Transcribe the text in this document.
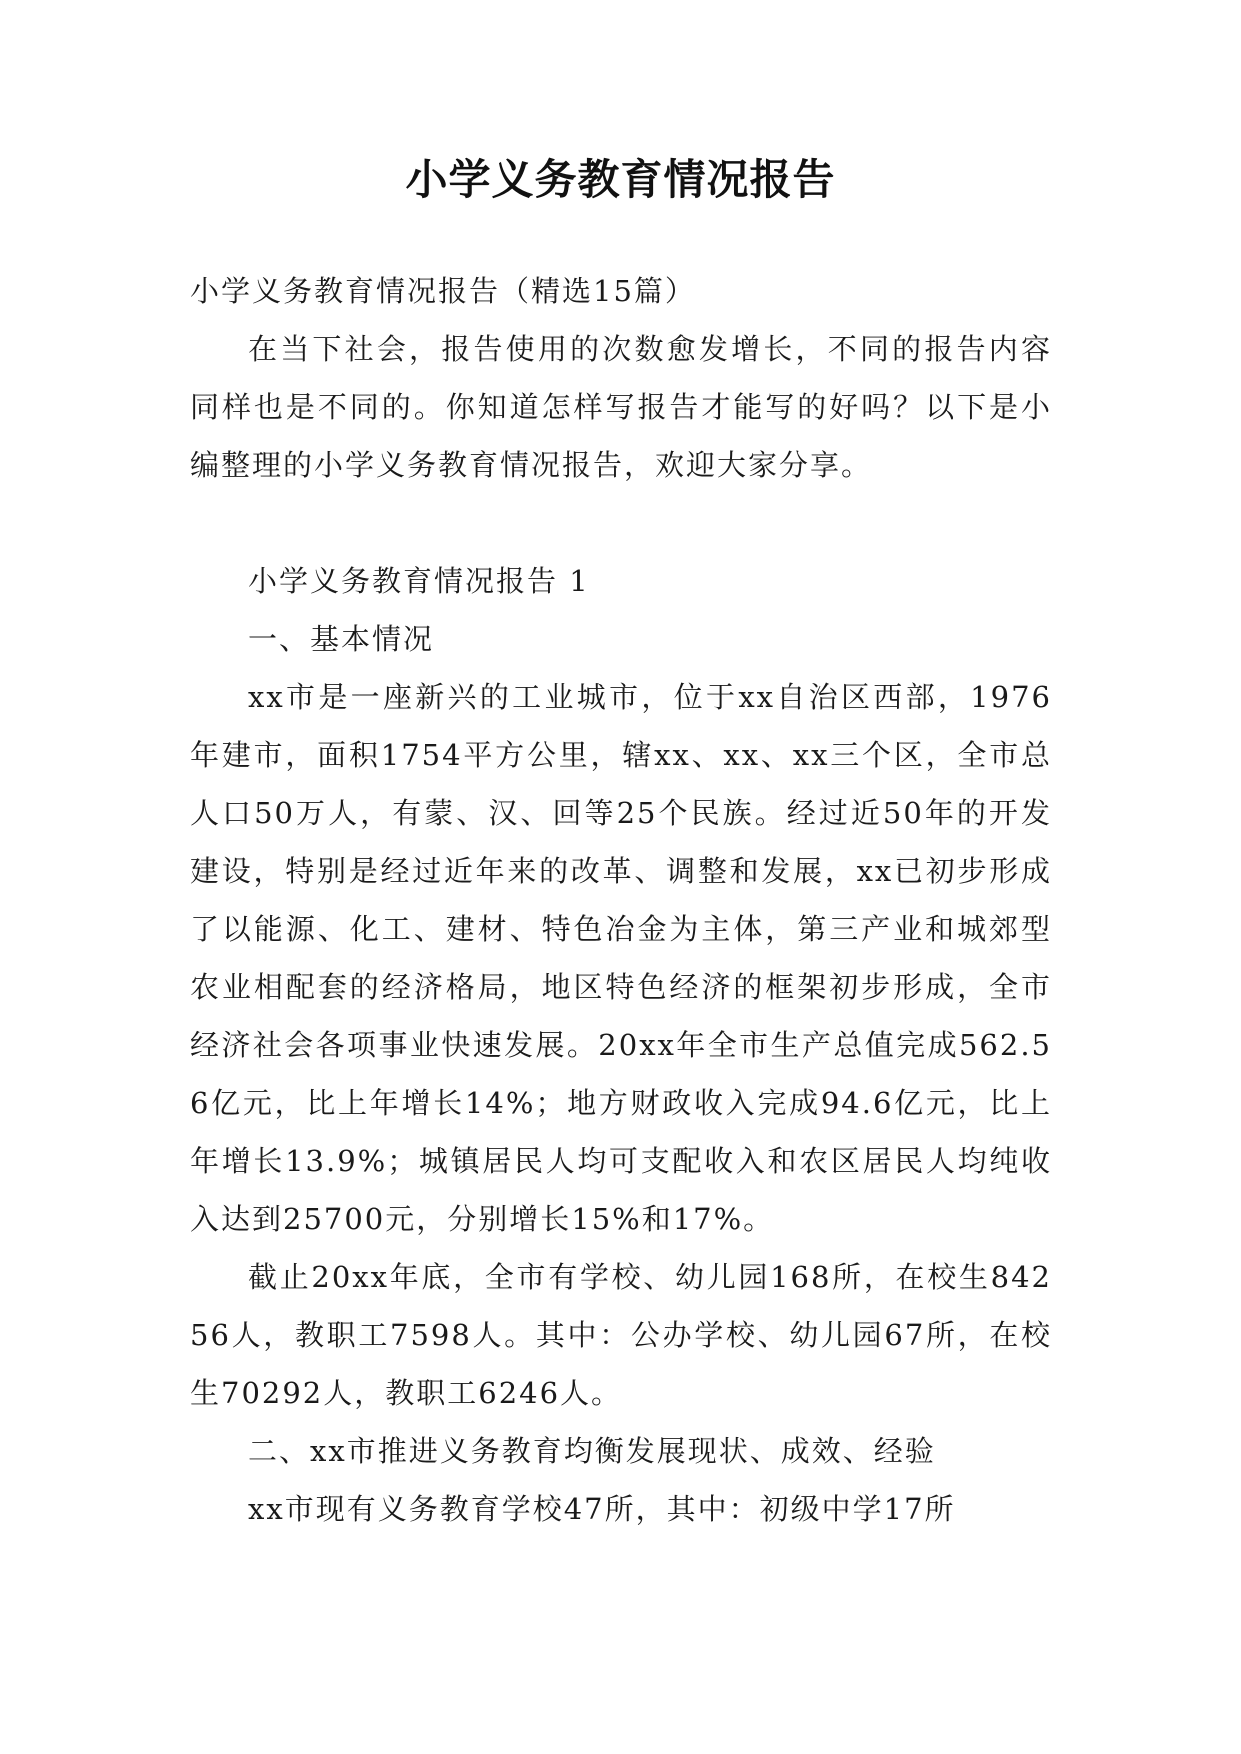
小学义务教育情况报告

小学义务教育情况报告（精选15篇）

在当下社会，报告使用的次数愈发增长，不同的报告内容同样也是不同的。你知道怎样写报告才能写的好吗？以下是小编整理的小学义务教育情况报告，欢迎大家分享。

小学义务教育情况报告 1

一、基本情况

xx市是一座新兴的工业城市，位于xx自治区西部，1976年建市，面积1754平方公里，辖xx、xx、xx三个区，全市总人口50万人，有蒙、汉、回等25个民族。经过近50年的开发建设，特别是经过近年来的改革、调整和发展，xx已初步形成了以能源、化工、建材、特色冶金为主体，第三产业和城郊型农业相配套的经济格局，地区特色经济的框架初步形成，全市经济社会各项事业快速发展。20xx年全市生产总值完成562.56亿元，比上年增长14%；地方财政收入完成94.6亿元，比上年增长13.9%；城镇居民人均可支配收入和农区居民人均纯收入达到25700元，分别增长15%和17%。

截止20xx年底，全市有学校、幼儿园168所，在校生84256人，教职工7598人。其中：公办学校、幼儿园67所，在校生70292人，教职工6246人。

二、xx市推进义务教育均衡发展现状、成效、经验

xx市现有义务教育学校47所，其中：初级中学17所
